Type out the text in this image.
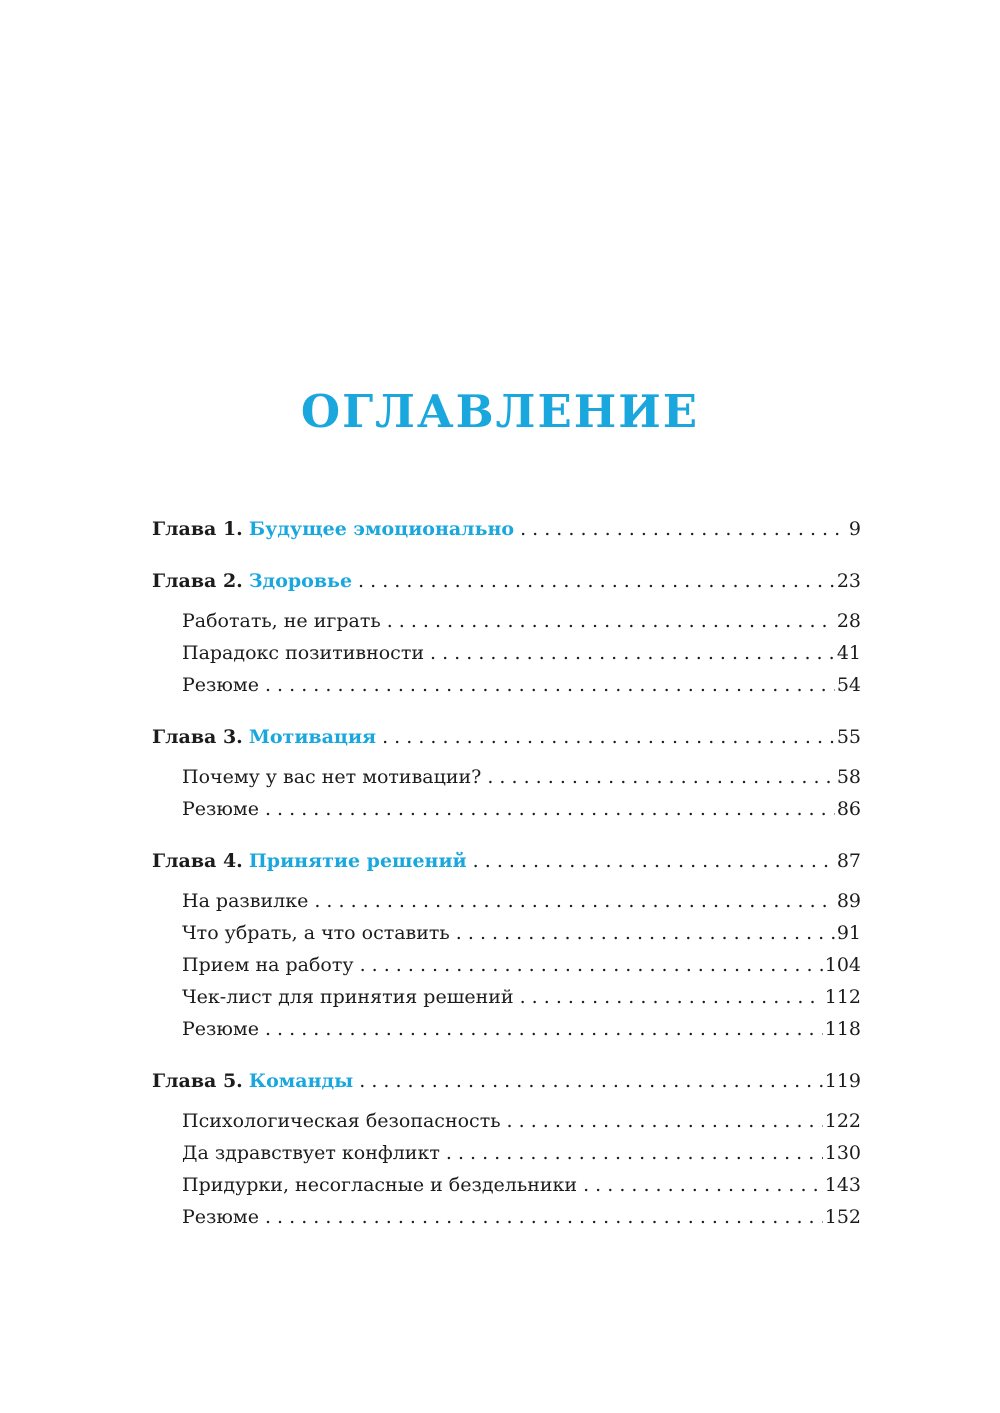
ОГЛАВЛЕНИЕ
Глава 1. Будущее эмоционально . . .	9
Глава 2. Здоровье . . .	23
Работать, не играть . . .	28
Парадокс позитивности . . .	41
Резюме . . .	54
Глава 3. Мотивация . . .	55
Почему у вас нет мотивации? . . .	58
Резюме . . .	86
Глава 4. Принятие решений . . .	87
На развилке . . .	89
Что убрать, а что оставить . . .	91
Прием на работу . . .	104
Чек-лист для принятия решений . . .	112
Резюме . . .	118
Глава 5. Команды . . .	119
Психологическая безопасность . . .	122
Да здравствует конфликт . . .	130
Придурки, несогласные и бездельники . . .	143
Резюме . . .	152
